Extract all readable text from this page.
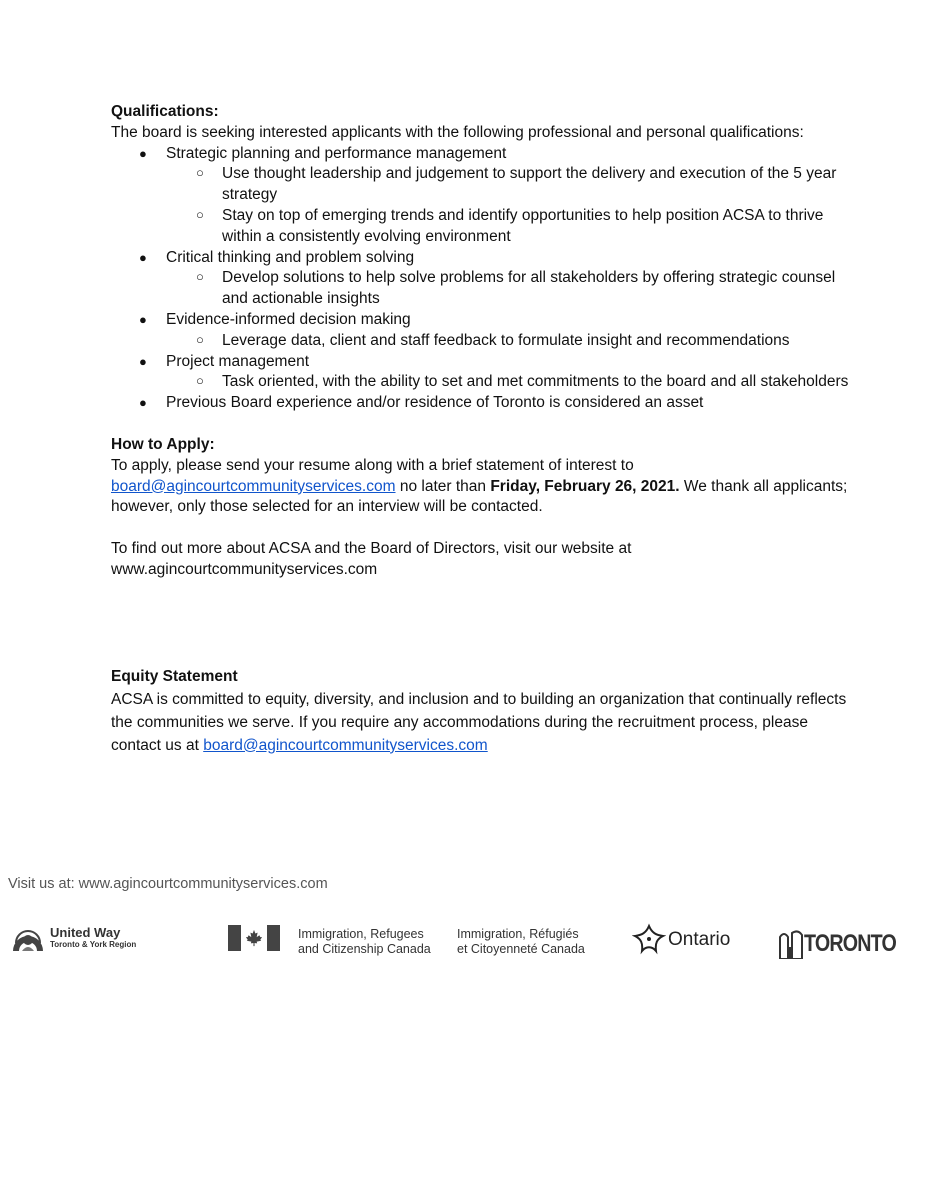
Qualifications:
The board is seeking interested applicants with the following professional and personal qualifications:
● Strategic planning and performance management
○ Use thought leadership and judgement to support the delivery and execution of the 5 year strategy
○ Stay on top of emerging trends and identify opportunities to help position ACSA to thrive within a consistently evolving environment
● Critical thinking and problem solving
○ Develop solutions to help solve problems for all stakeholders by offering strategic counsel and actionable insights
● Evidence-informed decision making
○ Leverage data, client and staff feedback to formulate insight and recommendations
● Project management
○ Task oriented, with the ability to set and met commitments to the board and all stakeholders
● Previous Board experience and/or residence of Toronto is considered an asset
How to Apply:
To apply, please send your resume along with a brief statement of interest to board@agincourtcommunityservices.com no later than Friday, February 26, 2021. We thank all applicants; however, only those selected for an interview will be contacted.
To find out more about ACSA and the Board of Directors, visit our website at www.agincourtcommunityservices.com
Equity Statement
ACSA is committed to equity, diversity, and inclusion and to building an organization that continually reflects the communities we serve. If you require any accommodations during the recruitment process, please contact us at board@agincourtcommunityservices.com
Visit us at: www.agincourtcommunityservices.com
United Way
Toronto & York Region
Immigration, Refugees
and Citizenship Canada
Immigration, Réfugiés
et Citoyenneté Canada	Ontario	TORONTO
